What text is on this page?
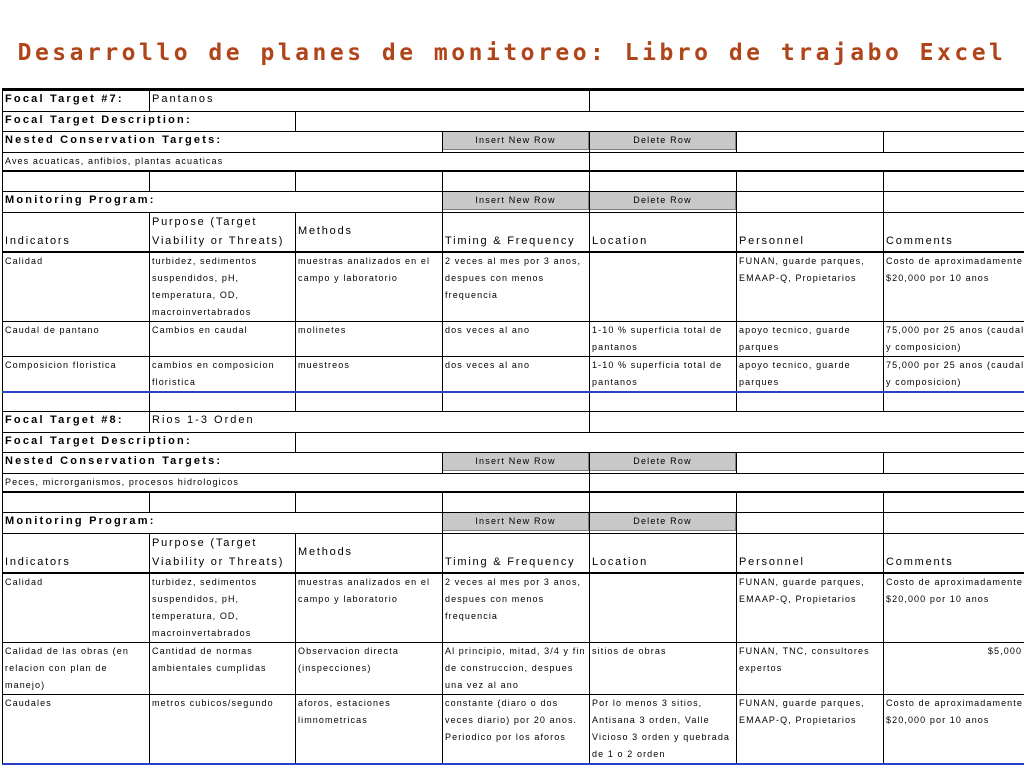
Desarrollo de planes de monitoreo: Libro de trajabo Excel
Focal Target #7:	Pantanos					
Focal Target Description:						
Nested Conservation Targets:			Insert New Row	Delete Row		

Aves acuaticas, anfibios, plantas acuaticas						

Monitoring Program:			Insert New Row	Delete Row		

Indicators	Purpose (Target Viability or Threats)	Methods	Timing & Frequency	Location	Personnel	Comments
Calidad	turbidez, sedimentos suspendidos, pH, temperatura, OD, macroinvertabrados	muestras analizados en el campo y laboratorio	2 veces al mes por 3 anos, despues con menos frequencia		FUNAN, guarde parques, EMAAP-Q, Propietarios	Costo de aproximadamente $20,000 por 10 anos
Caudal de pantano	Cambios en caudal	molinetes	dos veces al ano	1-10 % superficia total de pantanos	apoyo tecnico, guarde parques	75,000 por 25 anos (caudal y composicion)
Composicion floristica	cambios en composicion floristica	muestreos	dos veces al ano	1-10 % superficia total de pantanos	apoyo tecnico, guarde parques	75,000 por 25 anos (caudal y composicion)

Focal Target #8:	Rios 1-3 Orden					
Focal Target Description:						
Nested Conservation Targets:			Insert New Row	Delete Row		

Peces, microrganismos, procesos hidrologicos						

Monitoring Program:			Insert New Row	Delete Row		

Indicators	Purpose (Target Viability or Threats)	Methods	Timing & Frequency	Location	Personnel	Comments
Calidad	turbidez, sedimentos suspendidos, pH, temperatura, OD, macroinvertabrados	muestras analizados en el campo y laboratorio	2 veces al mes por 3 anos, despues con menos frequencia		FUNAN, guarde parques, EMAAP-Q, Propietarios	Costo de aproximadamente $20,000 por 10 anos
Calidad de las obras (en relacion con plan de manejo)	Cantidad de normas ambientales cumplidas	Observacion directa (inspecciones)	Al principio, mitad, 3/4 y fin de construccion, despues una vez al ano	sitios de obras	FUNAN, TNC, consultores expertos	$5,000
Caudales	metros cubicos/segundo	aforos, estaciones limnometricas	constante (diaro o dos veces diario) por 20 anos. Periodico por los aforos	Por lo menos 3 sitios, Antisana 3 orden, Valle Vicioso 3 orden y quebrada de 1 o 2 orden	FUNAN, guarde parques, EMAAP-Q, Propietarios	Costo de aproximadamente $20,000 por 10 anos
